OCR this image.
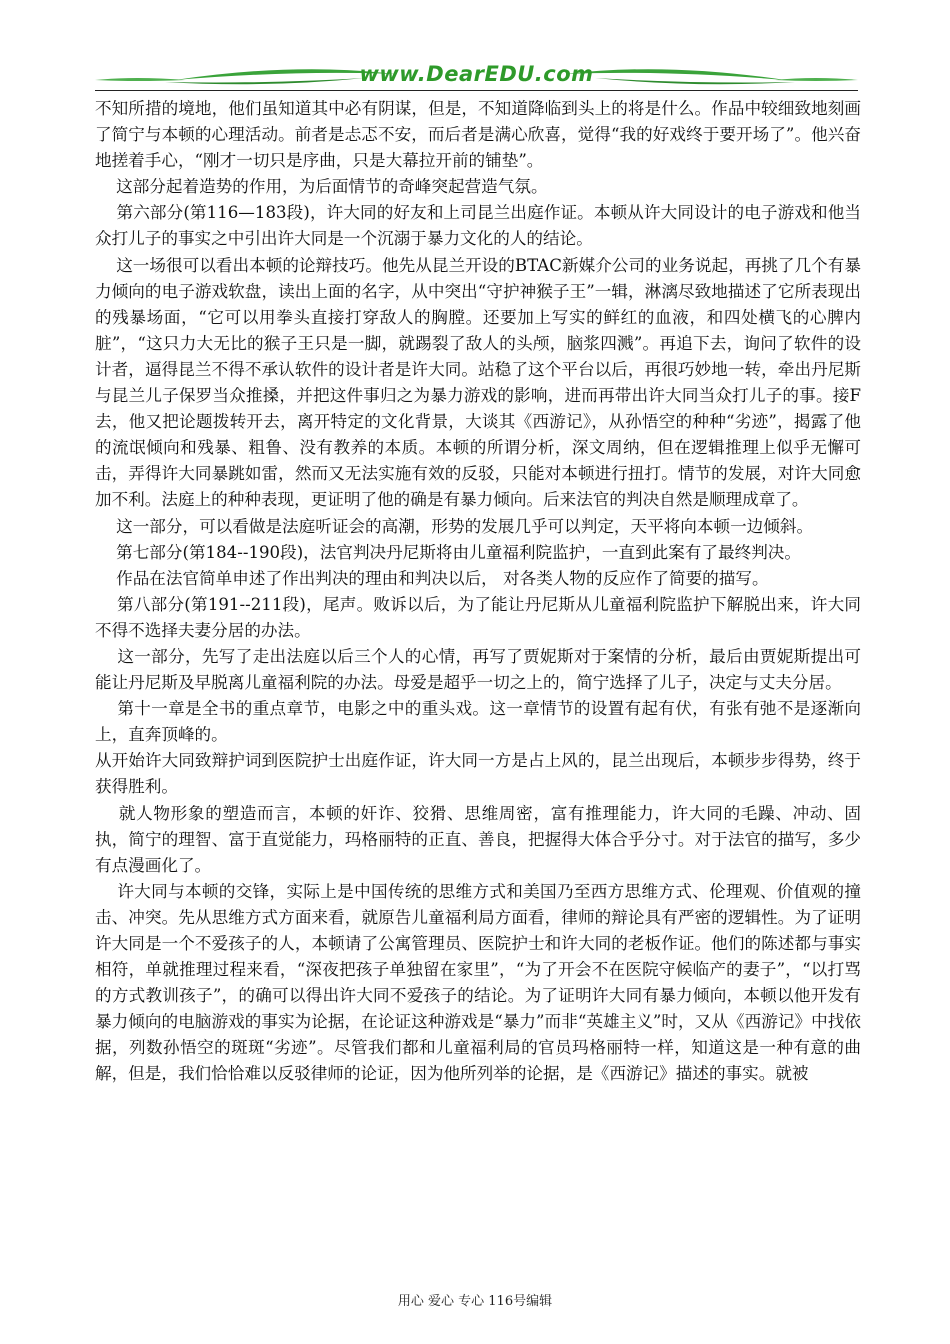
www.DearEDU.com

不知所措的境地，他们虽知道其中必有阴谋，但是，不知道降临到头上的将是什么。作品中较细致地刻画了简宁与本顿的心理活动。前者是忐忑不安，而后者是满心欣喜，觉得“我的好戏终于要开场了”。他兴奋地搓着手心，“刚才一切只是序曲，只是大幕拉开前的铺垫”。

这部分起着造势的作用，为后面情节的奇峰突起营造气氛。

第六部分(第116—183段)，许大同的好友和上司昆兰出庭作证。本顿从许大同设计的电子游戏和他当众打儿子的事实之中引出许大同是一个沉溺于暴力文化的人的结论。

这一场很可以看出本顿的论辩技巧。他先从昆兰开设的BTAC新媒介公司的业务说起，再挑了几个有暴力倾向的电子游戏软盘，读出上面的名字，从中突出“守护神猴子王”一辑，淋漓尽致地描述了它所表现出的残暴场面，“它可以用拳头直接打穿敌人的胸膛。还要加上写实的鲜红的血液，和四处横飞的心脾内脏”，“这只力大无比的猴子王只是一脚，就踢裂了敌人的头颅，脑浆四溅”。再追下去，询问了软件的设计者，逼得昆兰不得不承认软件的设计者是许大同。站稳了这个平台以后，再很巧妙地一转，牵出丹尼斯与昆兰儿子保罗当众推搡，并把这件事归之为暴力游戏的影响，进而再带出许大同当众打儿子的事。接F去，他又把论题拨转开去，离开特定的文化背景，大谈其《西游记》，从孙悟空的种种“劣迹”，揭露了他的流氓倾向和残暴、粗鲁、没有教养的本质。本顿的所谓分析，深文周纳，但在逻辑推理上似乎无懈可击，弄得许大同暴跳如雷，然而又无法实施有效的反驳，只能对本顿进行扭打。情节的发展，对许大同愈加不利。法庭上的种种表现，更证明了他的确是有暴力倾向。后来法官的判决自然是顺理成章了。

这一部分，可以看做是法庭听证会的高潮，形势的发展几乎可以判定，天平将向本顿一边倾斜。

第七部分(第184--190段)，法官判决丹尼斯将由儿童福利院监护，一直到此案有了最终判决。

作品在法官简单申述了作出判决的理由和判决以后， 对各类人物的反应作了简要的描写。

第八部分(第191--211段)，尾声。败诉以后，为了能让丹尼斯从儿童福利院监护下解脱出来，许大同不得不选择夫妻分居的办法。

这一部分，先写了走出法庭以后三个人的心情，再写了贾妮斯对于案情的分析，最后由贾妮斯提出可能让丹尼斯及早脱离儿童福利院的办法。母爱是超乎一切之上的，简宁选择了儿子，决定与丈夫分居。

第十一章是全书的重点章节，电影之中的重头戏。这一章情节的设置有起有伏，有张有弛不是逐渐向上，直奔顶峰的。

从开始许大同致辩护词到医院护士出庭作证，许大同一方是占上风的，昆兰出现后，本顿步步得势，终于获得胜利。

就人物形象的塑造而言，本顿的奸诈、狡猾、思维周密，富有推理能力，许大同的毛躁、冲动、固执，简宁的理智、富于直觉能力，玛格丽特的正直、善良，把握得大体合乎分寸。对于法官的描写，多少有点漫画化了。

许大同与本顿的交锋，实际上是中国传统的思维方式和美国乃至西方思维方式、伦理观、价值观的撞击、冲突。先从思维方式方面来看，就原告儿童福利局方面看，律师的辩论具有严密的逻辑性。为了证明许大同是一个不爱孩子的人，本顿请了公寓管理员、医院护士和许大同的老板作证。他们的陈述都与事实相符，单就推理过程来看，“深夜把孩子单独留在家里”，“为了开会不在医院守候临产的妻子”，“以打骂的方式教训孩子”，的确可以得出许大同不爱孩子的结论。为了证明许大同有暴力倾向，本顿以他开发有暴力倾向的电脑游戏的事实为论据，在论证这种游戏是“暴力”而非“英雄主义”时，又从《西游记》中找依据，列数孙悟空的斑斑“劣迹”。尽管我们都和儿童福利局的官员玛格丽特一样，知道这是一种有意的曲解，但是，我们恰恰难以反驳律师的论证，因为他所列举的论据，是《西游记》描述的事实。就被

用心 爱心 专心 116号编辑
